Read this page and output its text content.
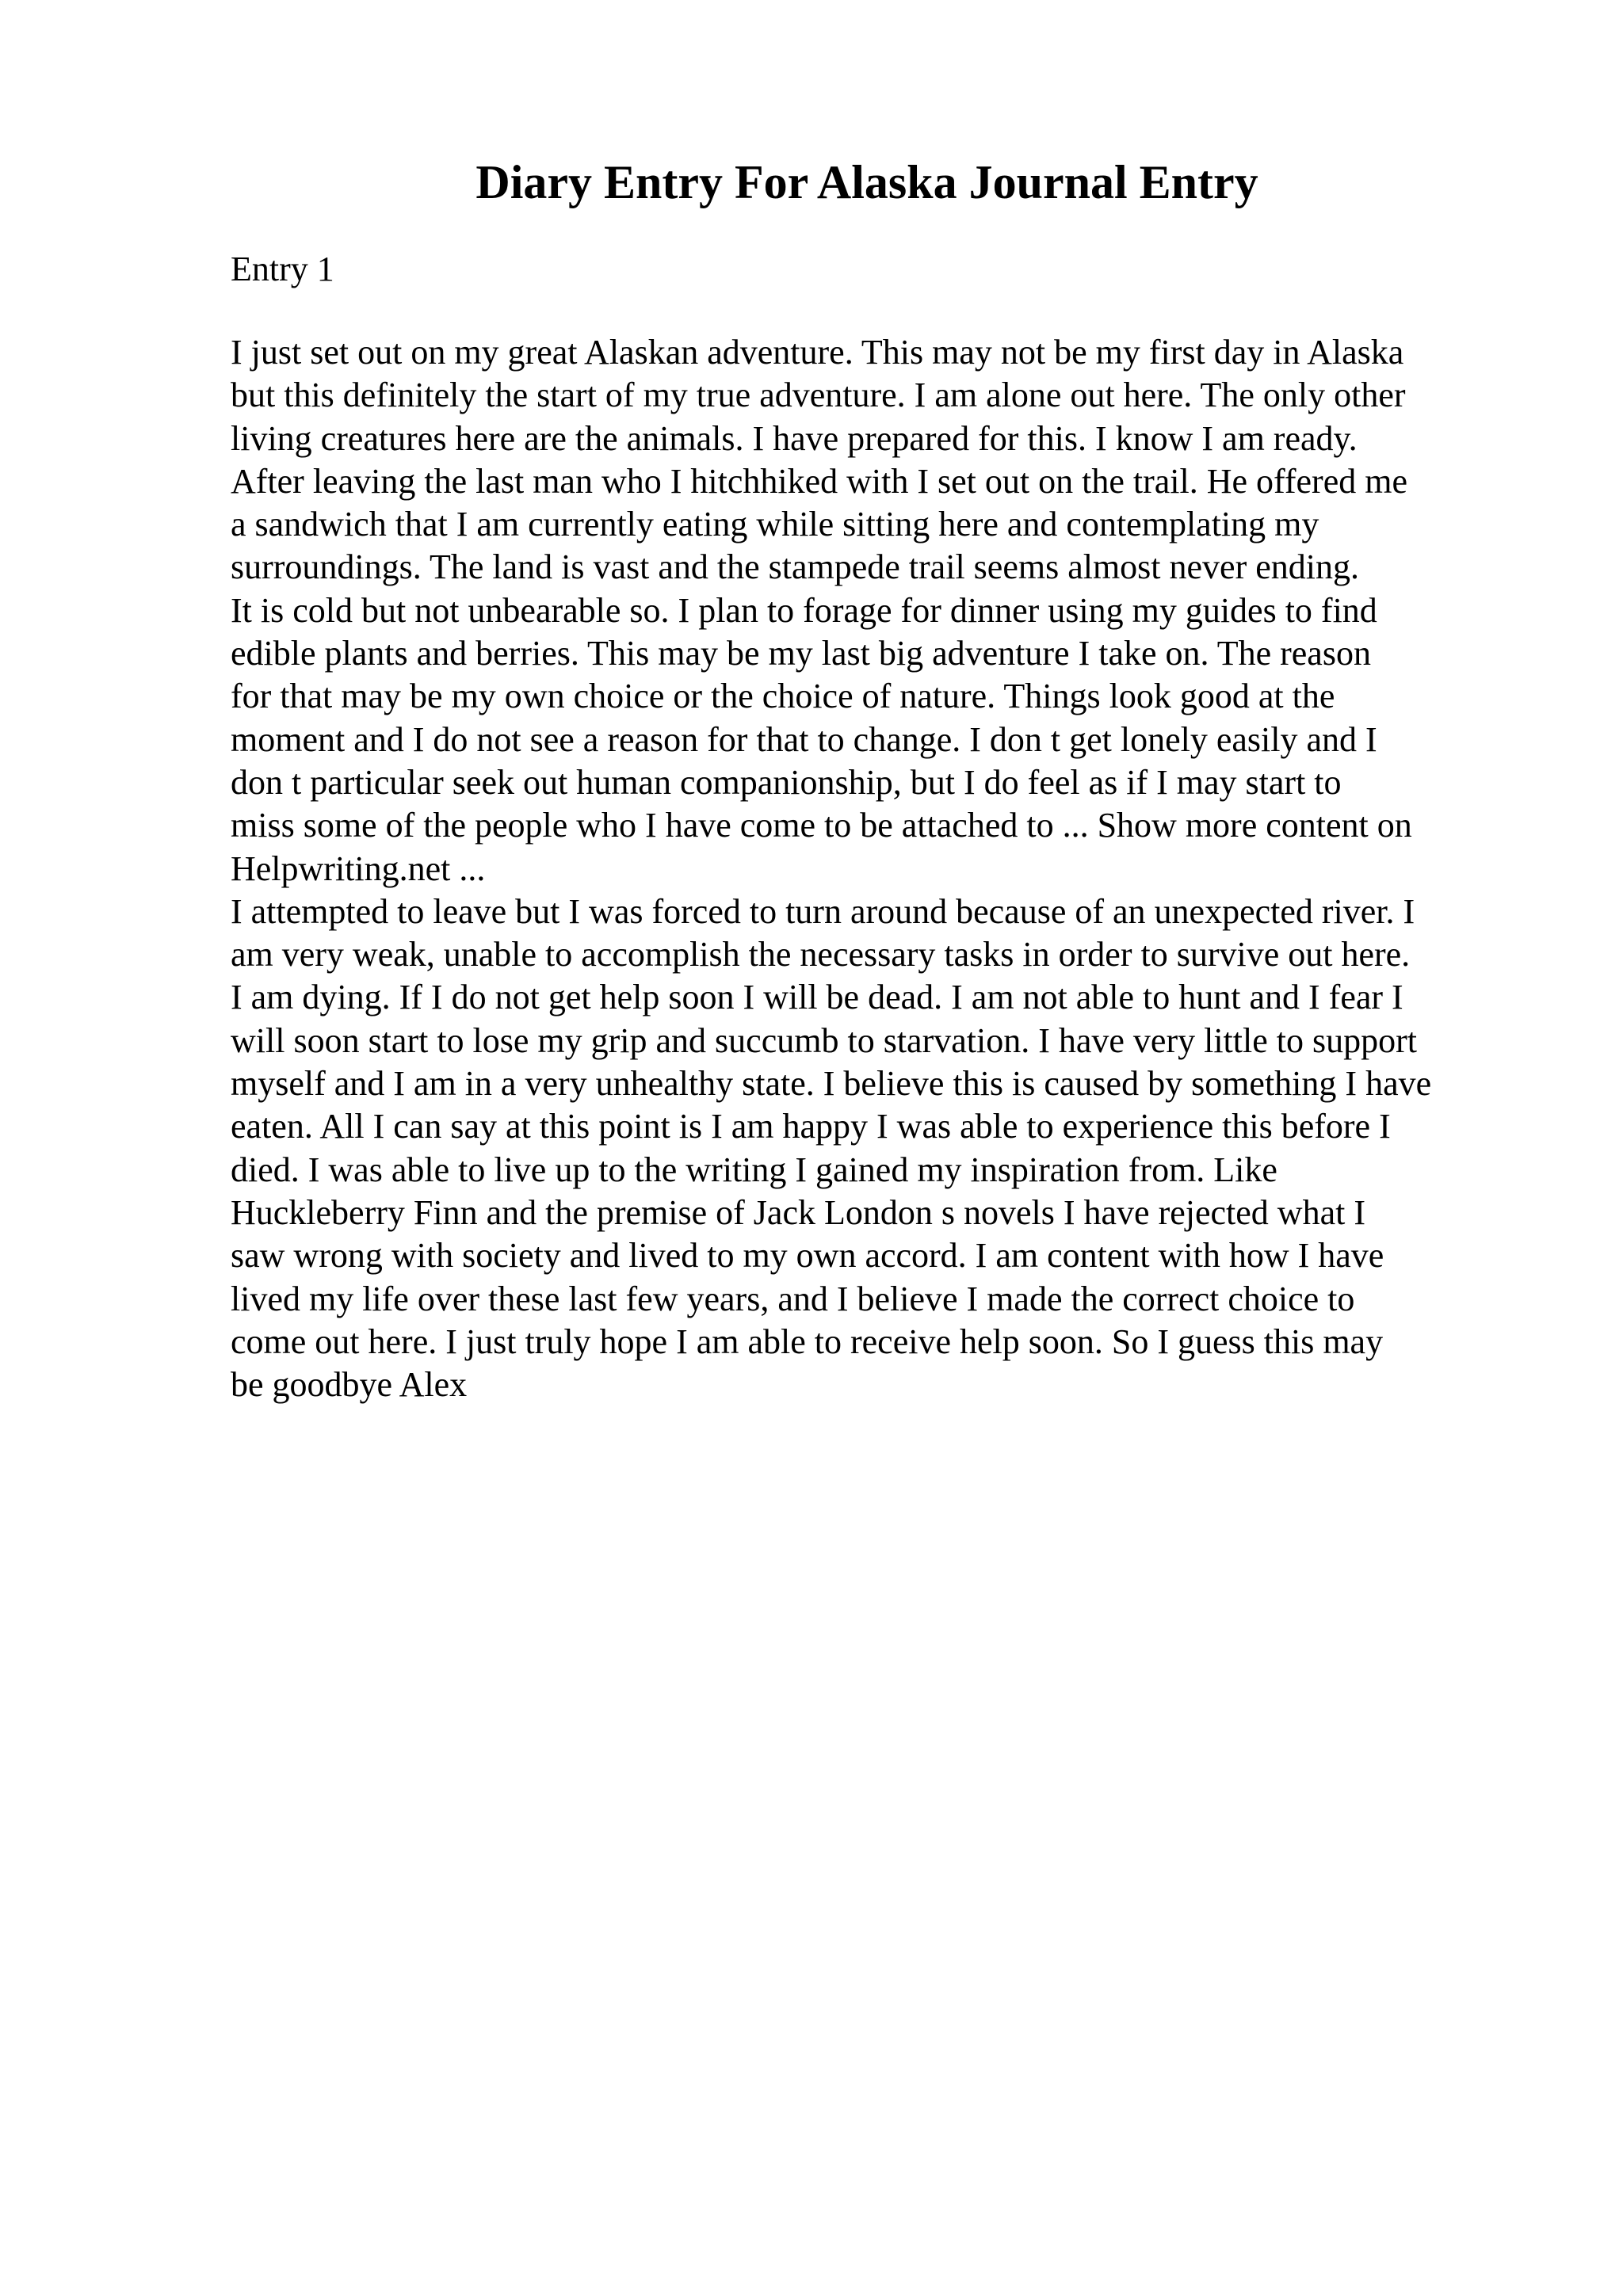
Diary Entry For Alaska Journal Entry

Entry 1

I just set out on my great Alaskan adventure. This may not be my first day in Alaska
but this definitely the start of my true adventure. I am alone out here. The only other
living creatures here are the animals. I have prepared for this. I know I am ready.
After leaving the last man who I hitchhiked with I set out on the trail. He offered me
a sandwich that I am currently eating while sitting here and contemplating my
surroundings. The land is vast and the stampede trail seems almost never ending.
It is cold but not unbearable so. I plan to forage for dinner using my guides to find
edible plants and berries. This may be my last big adventure I take on. The reason
for that may be my own choice or the choice of nature. Things look good at the
moment and I do not see a reason for that to change. I don t get lonely easily and I
don t particular seek out human companionship, but I do feel as if I may start to
miss some of the people who I have come to be attached to ... Show more content on
Helpwriting.net ...
I attempted to leave but I was forced to turn around because of an unexpected river. I
am very weak, unable to accomplish the necessary tasks in order to survive out here.
I am dying. If I do not get help soon I will be dead. I am not able to hunt and I fear I
will soon start to lose my grip and succumb to starvation. I have very little to support
myself and I am in a very unhealthy state. I believe this is caused by something I have
eaten. All I can say at this point is I am happy I was able to experience this before I
died. I was able to live up to the writing I gained my inspiration from. Like
Huckleberry Finn and the premise of Jack London s novels I have rejected what I
saw wrong with society and lived to my own accord. I am content with how I have
lived my life over these last few years, and I believe I made the correct choice to
come out here. I just truly hope I am able to receive help soon. So I guess this may
be goodbye Alex
